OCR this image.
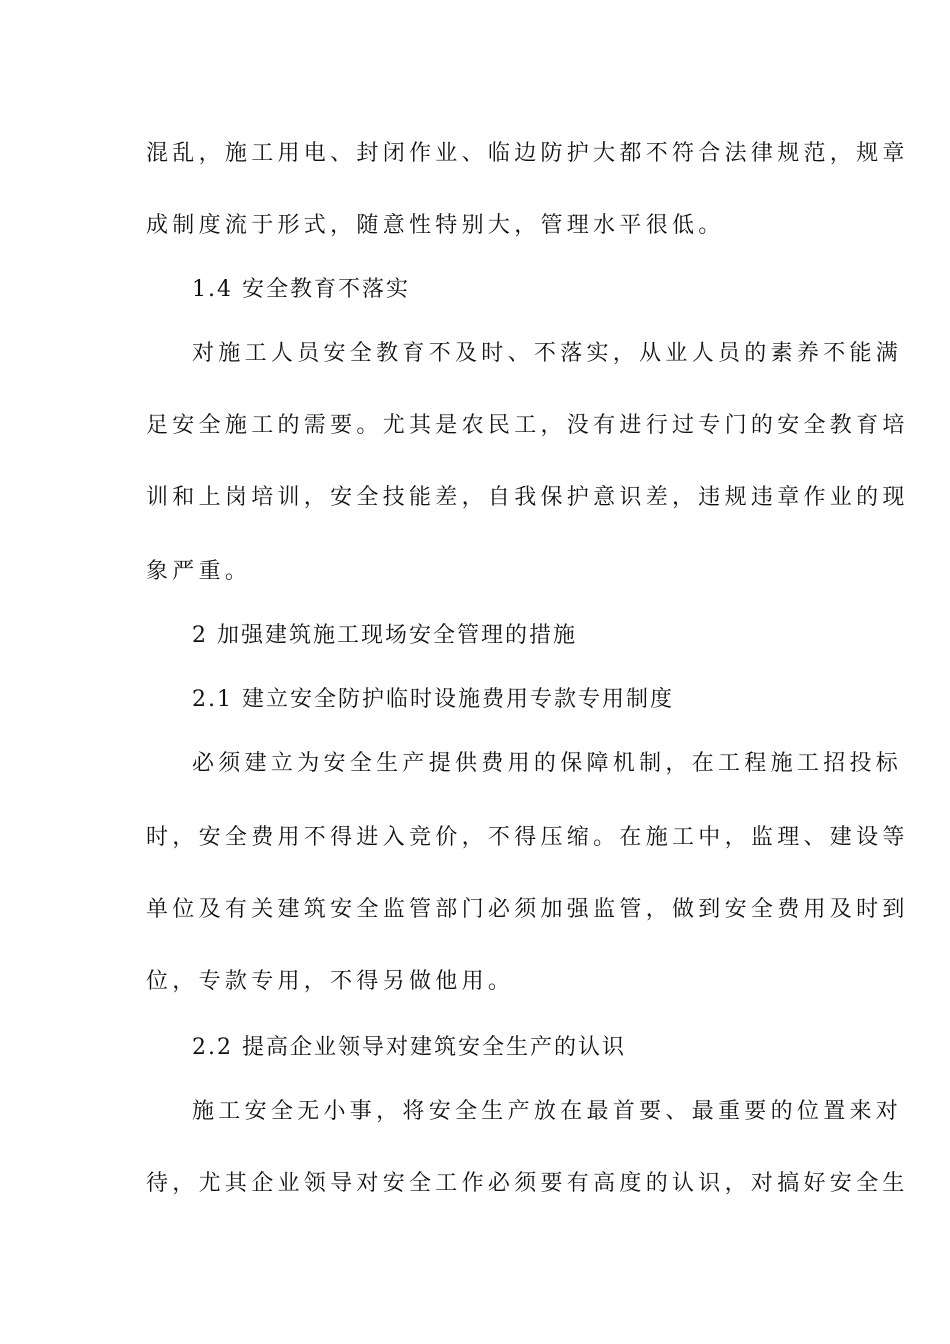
混乱，施工用电、封闭作业、临边防护大都不符合法律规范，规章
成制度流于形式，随意性特别大，管理水平很低。
1.4 安全教育不落实
对施工人员安全教育不及时、不落实，从业人员的素养不能满
足安全施工的需要。尤其是农民工，没有进行过专门的安全教育培
训和上岗培训，安全技能差，自我保护意识差，违规违章作业的现
象严重。
2 加强建筑施工现场安全管理的措施
2.1 建立安全防护临时设施费用专款专用制度
必须建立为安全生产提供费用的保障机制，在工程施工招投标
时，安全费用不得进入竞价，不得压缩。在施工中，监理、建设等
单位及有关建筑安全监管部门必须加强监管，做到安全费用及时到
位，专款专用，不得另做他用。
2.2 提高企业领导对建筑安全生产的认识
施工安全无小事，将安全生产放在最首要、最重要的位置来对
待，尤其企业领导对安全工作必须要有高度的认识，对搞好安全生
